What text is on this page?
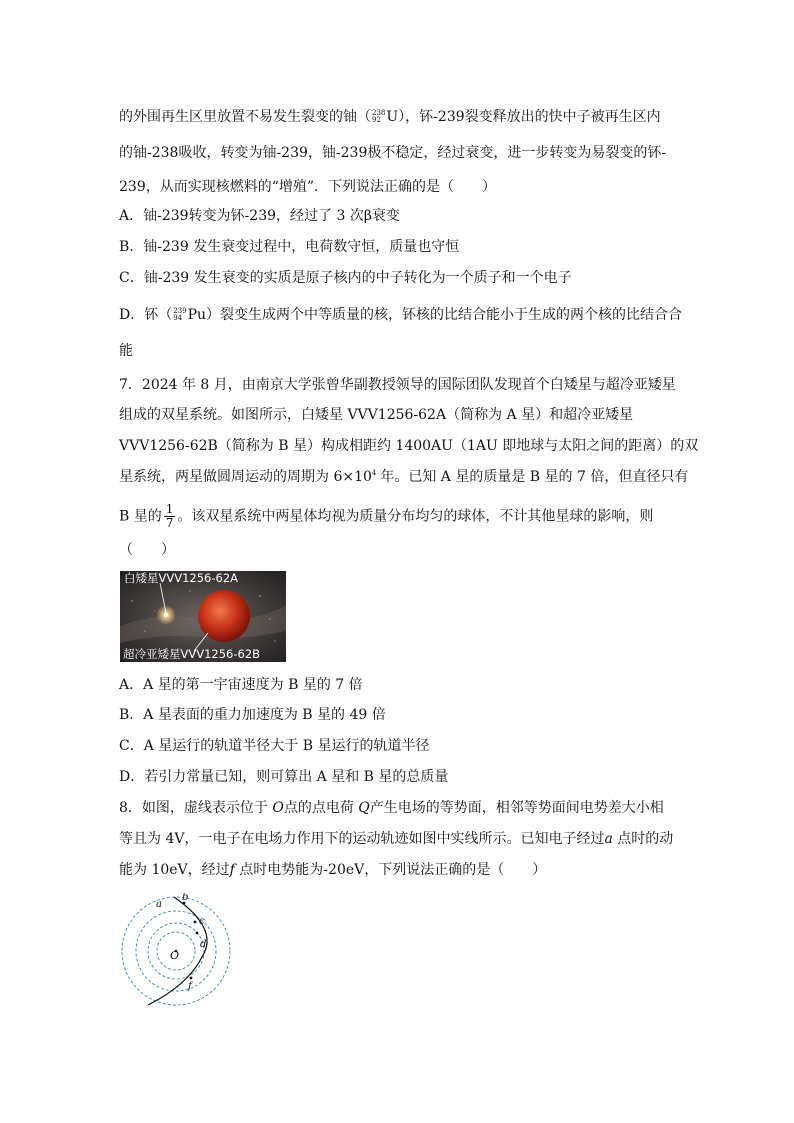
的外围再生区里放置不易发生裂变的铀（ 238
92 U），钚-239裂变释放出的快中子被再生区内
的铀-238吸收，转变为铀-239，铀-239极不稳定，经过衰变，进一步转变为易裂变的钚-
239，从而实现核燃料的“增殖”．下列说法正确的是（　　）
A．铀-239转变为钚-239，经过了 3 次β衰变
B．铀-239 发生衰变过程中，电荷数守恒，质量也守恒
C．铀-239 发生衰变的实质是原子核内的中子转化为一个质子和一个电子
D．钚（ 239
94 Pu）裂变生成两个中等质量的核，钚核的比结合能小于生成的两个核的比结合合
能
7．2024 年 8 月，由南京大学张曾华副教授领导的国际团队发现首个白矮星与超冷亚矮星
组成的双星系统。如图所示，白矮星 VVV1256-62A（简称为 A 星）和超冷亚矮星
VVV1256-62B（简称为 B 星）构成相距约 1400AU（1AU 即地球与太阳之间的距离）的双
星系统，两星做圆周运动的周期为 6×104 年。已知 A 星的质量是 B 星的 7 倍，但直径只有
B 星的 $\frac{1}{7}$ 。该双星系统中两星体均视为质量分布均匀的球体，不计其他星球的影响，则
（　　）
白矮星VVV1256-62A
超冷亚矮星VVV1256-62B
A．A 星的第一宇宙速度为 B 星的 7 倍
B．A 星表面的重力加速度为 B 星的 49 倍
C．A 星运行的轨道半径大于 B 星运行的轨道半径
D．若引力常量已知，则可算出 A 星和 B 星的总质量
8．如图，虚线表示位于 O点的点电荷 Q产生电场的等势面，相邻等势面间电势差大小相
等且为 4V，一电子在电场力作用下的运动轨迹如图中实线所示。已知电子经过a 点时的动
能为 10eV，经过f 点时电势能为-20eV，下列说法正确的是（　　）
a
b
c
d
f
O
